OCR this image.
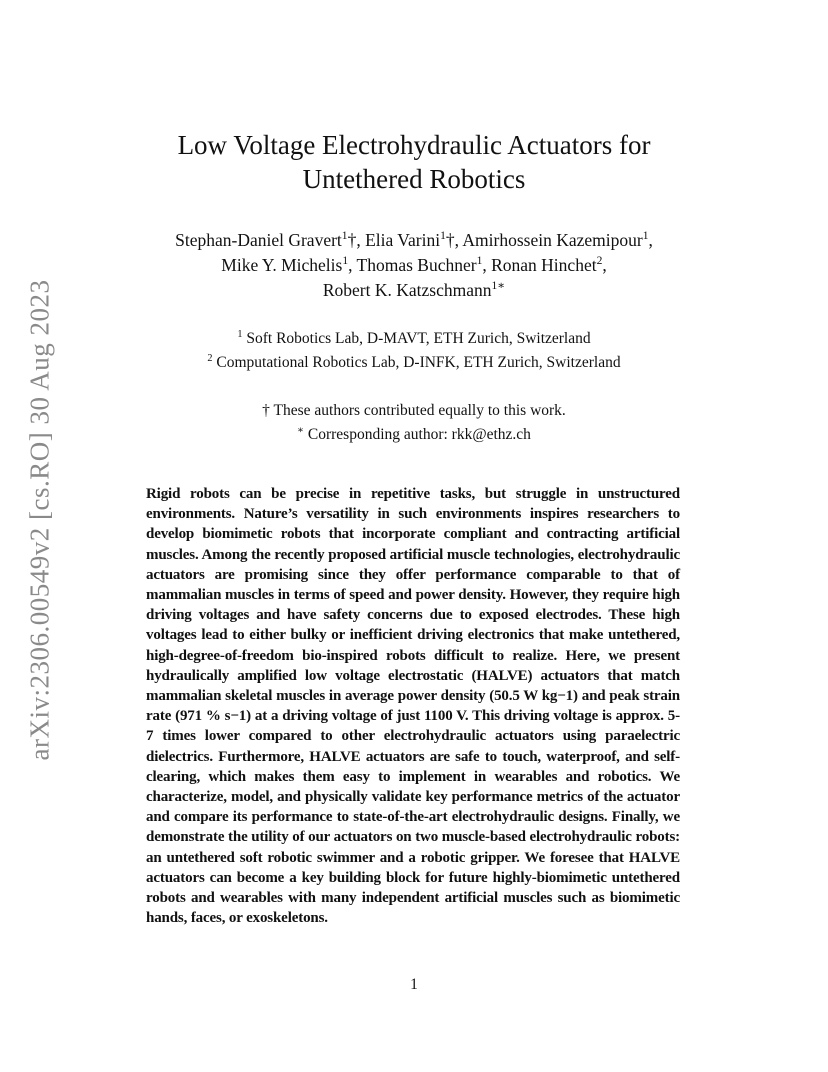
arXiv:2306.00549v2 [cs.RO] 30 Aug 2023
Low Voltage Electrohydraulic Actuators for
Untethered Robotics
Stephan-Daniel Gravert$^1$†, Elia Varini$^1$†, Amirhossein Kazemipour$^1$,
Mike Y. Michelis$^1$, Thomas Buchner$^1$, Ronan Hinchet$^2$,
Robert K. Katzschmann$^{1∗}$
$^1$ Soft Robotics Lab, D-MAVT, ETH Zurich, Switzerland
$^2$ Computational Robotics Lab, D-INFK, ETH Zurich, Switzerland
† These authors contributed equally to this work.
∗ Corresponding author: rkk@ethz.ch
Rigid robots can be precise in repetitive tasks, but struggle in unstructured environments. Nature’s versatility in such environments inspires researchers to develop biomimetic robots that incorporate compliant and contracting artificial muscles. Among the recently proposed artificial muscle technologies, electrohydraulic actuators are promising since they offer performance comparable to that of mammalian muscles in terms of speed and power density. However, they require high driving voltages and have safety concerns due to exposed electrodes. These high voltages lead to either bulky or inefficient driving electronics that make untethered, high-degree-of-freedom bio-inspired robots difficult to realize. Here, we present hydraulically amplified low voltage electrostatic (HALVE) actuators that match mammalian skeletal muscles in average power density (50.5 W kg−1) and peak strain rate (971 % s−1) at a driving voltage of just 1100 V. This driving voltage is approx. 5-7 times lower compared to other electrohydraulic actuators using paraelectric dielectrics. Furthermore, HALVE actuators are safe to touch, waterproof, and self-clearing, which makes them easy to implement in wearables and robotics. We characterize, model, and physically validate key performance metrics of the actuator and compare its performance to state-of-the-art electrohydraulic designs. Finally, we demonstrate the utility of our actuators on two muscle-based electrohydraulic robots: an untethered soft robotic swimmer and a robotic gripper. We foresee that HALVE actuators can become a key building block for future highly-biomimetic untethered robots and wearables with many independent artificial muscles such as biomimetic hands, faces, or exoskeletons.
1
